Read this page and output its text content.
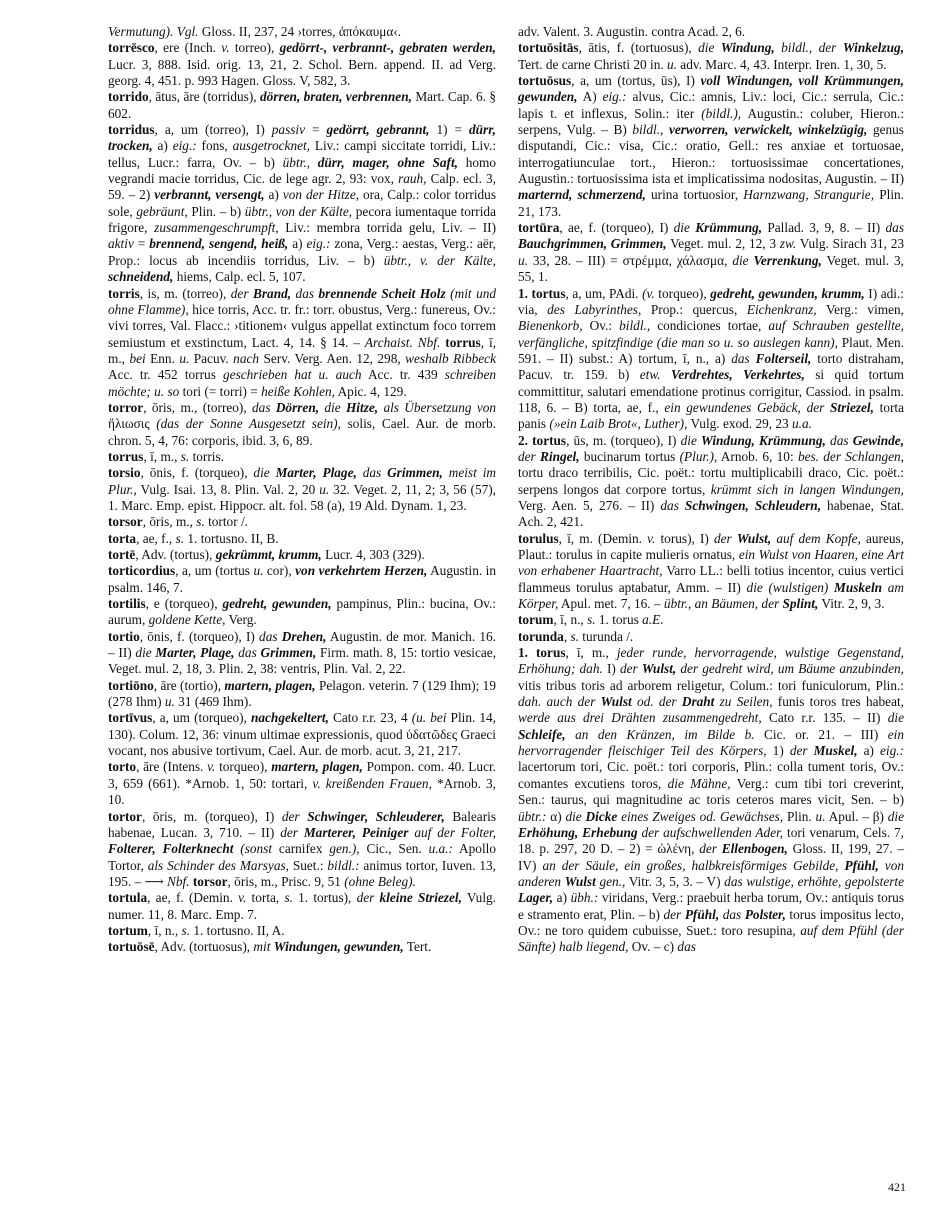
Vermutung). Vgl. Gloss. II, 237, 24 ›torres, ἀπόκαυμα‹.

torrēsco, ere (Inch. v. torreo), gedörrt-, verbrannt-, gebraten werden, Lucr. 3, 888. Isid. orig. 13, 21, 2. Schol. Bern. append. II. ad Verg. georg. 4, 451. p. 993 Hagen. Gloss. V, 582, 3.

torrido, ātus, āre (torridus), dörren, braten, verbrennen, Mart. Cap. 6. § 602.

torridus, a, um (torreo), I) passiv = gedörrt, gebrannt, 1) = dürr, trocken, a) eig.: fons, ausgetrocknet, Liv.: campi siccitate torridi, Liv.: tellus, Lucr.: farra, Ov. – b) übtr., dürr, mager, ohne Saft, homo vegrandi macie torridus, Cic. de lege agr. 2, 93: vox, rauh, Calp. ecl. 3, 59. – 2) verbrannt, versengt, a) von der Hitze, ora, Calp.: color torridus sole, gebräunt, Plin. – b) übtr., von der Kälte, pecora iumentaque torrida frigore, zusammengeschrumpft, Liv.: membra torrida gelu, Liv. – II) aktiv = brennend, sengend, heiß, a) eig.: zona, Verg.: aestas, Verg.: aër, Prop.: locus ab incendiis torridus, Liv. – b) übtr., v. der Kälte, schneidend, hiems, Calp. ecl. 5, 107.

torris, is, m. (torreo), der Brand, das brennende Scheit Holz (mit und ohne Flamme), hice torris, Acc. tr. fr.: torr. obustus, Verg.: funereus, Ov.: vivi torres, Val. Flacc.: ›titionem‹ vulgus appellat extinctum foco torrem semiustum et exstinctum, Lact. 4, 14. § 14. – Archaist. Nbf. torrus, ī, m., bei Enn. u. Pacuv. nach Serv. Verg. Aen. 12, 298, weshalb Ribbeck Acc. tr. 452 torrus geschrieben hat u. auch Acc. tr. 439 schreiben möchte; u. so tori (= torri) = heiße Kohlen, Apic. 4, 129.

torror, ōris, m., (torreo), das Dörren, die Hitze, als Übersetzung von ἥλιωσις (das der Sonne Ausgesetzt sein), solis, Cael. Aur. de morb. chron. 5, 4, 76: corporis, ibid. 3, 6, 89.

torrus, ī, m., s. torris.

torsio, ōnis, f. (torqueo), die Marter, Plage, das Grimmen, meist im Plur., Vulg. Isai. 13, 8. Plin. Val. 2, 20 u. 32. Veget. 2, 11, 2; 3, 56 (57), 1. Marc. Emp. epist. Hippocr. alt. fol. 58 (a), 19 Ald. Dynam. 1, 23.

torsor, ōris, m., s. tortor /.

torta, ae, f., s. 1. tortusno. II, B.

tortē, Adv. (tortus), gekrümmt, krumm, Lucr. 4, 303 (329).

torticordius, a, um (tortus u. cor), von verkehrtem Herzen, Augustin. in psalm. 146, 7.

tortilis, e (torqueo), gedreht, gewunden, pampinus, Plin.: bucina, Ov.: aurum, goldene Kette, Verg.

tortio, ōnis, f. (torqueo), I) das Drehen, Augustin. de mor. Manich. 16. – II) die Marter, Plage, das Grimmen, Firm. math. 8, 15: tortio vesicae, Veget. mul. 2, 18, 3. Plin. 2, 38: ventris, Plin. Val. 2, 22.

tortiōno, āre (tortio), martern, plagen, Pelagon. veterin. 7 (129 Ihm); 19 (278 Ihm) u. 31 (469 Ihm).

tortīvus, a, um (torqueo), nachgekeltert, Cato r.r. 23, 4 (u. bei Plin. 14, 130). Colum. 12, 36: vinum ultimae expressionis, quod ὑδατῶδες Graeci vocant, nos abusive tortivum, Cael. Aur. de morb. acut. 3, 21, 217.

torto, āre (Intens. v. torqueo), martern, plagen, Pompon. com. 40. Lucr. 3, 659 (661). *Arnob. 1, 50: tortari, v. kreißenden Frauen, *Arnob. 3, 10.

tortor, ōris, m. (torqueo), I) der Schwinger, Schleuderer, Baleаris habenae, Lucan. 3, 710. – II) der Marterer, Peiniger auf der Folter, Folterer, Folterknecht (sonst carnifex gen.), Cic., Sen. u.a.: Apollo Tortor, als Schinder des Marsyas, Suet.: bildl.: animus tortor, Iuven. 13, 195. – ⟶ Nbf. torsor, ōris, m., Prisc. 9, 51 (ohne Beleg).

tortula, ae, f. (Demin. v. torta, s. 1. tortus), der kleine Striezel, Vulg. numer. 11, 8. Marc. Emp. 7.

tortum, ī, n., s. 1. tortusno. II, A.

tortuōsē, Adv. (tortuosus), mit Windungen, gewunden, Tert.

adv. Valent. 3. Augustin. contra Acad. 2, 6.

tortuōsitās, ātis, f. (tortuosus), die Windung, bildl., der Winkelzug, Tert. de carne Christi 20 in. u. adv. Marc. 4, 43. Interpr. Iren. 1, 30, 5.

tortuōsus, a, um (tortus, ūs), I) voll Windungen, voll Krümmungen, gewunden, A) eig.: alvus, Cic.: amnis, Liv.: loci, Cic.: serrula, Cic.: lapis t. et inflexus, Solin.: iter (bildl.), Augustin.: coluber, Hieron.: serpens, Vulg. – B) bildl., verworren, verwickelt, winkelzügig, genus disputandi, Cic.: visa, Cic.: oratio, Gell.: res anxiae et tortuosae, interrogatiunculae tort., Hieron.: tortuosissimae concertationes, Augustin.: tortuosissima ista et implicatissima nodositas, Augustin. – II) marternd, schmerzend, urina tortuosior, Harnzwang, Strangurie, Plin. 21, 173.

tortūra, ae, f. (torqueo), I) die Krümmung, Pallad. 3, 9, 8. – II) das Bauchgrimmen, Grimmen, Veget. mul. 2, 12, 3 zw. Vulg. Sirach 31, 23 u. 33, 28. – III) = στρέμμα, χάλασμα, die Verrenkung, Veget. mul. 3, 55, 1.

1. tortus, a, um, PAdi. (v. torqueo), gedreht, gewunden, krumm, I) adi.: via, des Labyrinthes, Prop.: quercus, Eichenkranz, Verg.: vimen, Bienenkorb, Ov.: bildl., condiciones tortae, auf Schrauben gestellte, verfängliche, spitzfindige (die man so u. so auslegen kann), Plaut. Men. 591. – II) subst.: A) tortum, ī, n., a) das Folterseil, torto distraham, Pacuv. tr. 159. b) etw. Verdrehtes, Verkehrtes, si quid tortum committitur, salutari emendatione protinus corrigitur, Cassiod. in psalm. 118, 6. – B) torta, ae, f., ein gewundenes Gebäck, der Striezel, torta panis (»ein Laib Brot«, Luther), Vulg. exod. 29, 23 u.a.

2. tortus, ūs, m. (torqueo), I) die Windung, Krümmung, das Gewinde, der Ringel, bucinarum tortus (Plur.), Arnob. 6, 10: bes. der Schlangen, tortu draco terribilis, Cic. poët.: tortu multiplicabili draco, Cic. poët.: serpens longos dat corpore tortus, krümmt sich in langen Windungen, Verg. Aen. 5, 276. – II) das Schwingen, Schleudern, habenae, Stat. Ach. 2, 421.

torulus, ī, m. (Demin. v. torus), I) der Wulst, auf dem Kopfe, aureus, Plaut.: torulus in capite mulieris ornatus, ein Wulst von Haaren, eine Art von erhabener Haartracht, Varro LL.: belli totius incentor, cuius vertici flammeus torulus aptabatur, Amm. – II) die (wulstigen) Muskeln am Körper, Apul. met. 7, 16. – übtr., an Bäumen, der Splint, Vitr. 2, 9, 3.

torum, ī, n., s. 1. torus a.E.

torunda, s. turunda /.

1. torus, ī, m., jeder runde, hervorragende, wulstige Gegenstand, Erhöhung; dah. I) der Wulst, der gedreht wird, um Bäume anzubinden, vitis tribus toris ad arborem religetur, Colum.: tori funiculorum, Plin.: dah. auch der Wulst od. der Draht zu Seilen, funis toros tres habeat, werde aus drei Drähten zusammengedreht, Cato r.r. 135. – II) die Schleife, an den Kränzen, im Bilde b. Cic. or. 21. – III) ein hervorragender fleischiger Teil des Körpers, 1) der Muskel, a) eig.: lacertorum tori, Cic. poët.: tori corporis, Plin.: colla tument toris, Ov.: comantes excutiens toros, die Mähne, Verg.: cum tibi tori creverint, Sen.: taurus, qui magnitudine ac toris ceteros mares vicit, Sen. – b) übtr.: α) die Dicke eines Zweiges od. Gewächses, Plin. u. Apul. – β) die Erhöhung, Erhebung der aufschwellenden Ader, tori venarum, Cels. 7, 18. p. 297, 20 D. – 2) = ὠλένη, der Ellenbogen, Gloss. II, 199, 27. – IV) an der Säule, ein großes, halbkreisförmiges Gebilde, Pfühl, von anderen Wulst gen., Vitr. 3, 5, 3. – V) das wulstige, erhöhte, gepolsterte Lager, a) übh.: viridans, Verg.: praebuit herba torum, Ov.: antiquis torus e stramento erat, Plin. – b) der Pfühl, das Polster, torus impositus lecto, Ov.: ne toro quidem cubuisse, Suet.: toro resupina, auf dem Pfühl (der Sänfte) halb liegend, Ov. – c) das

421
